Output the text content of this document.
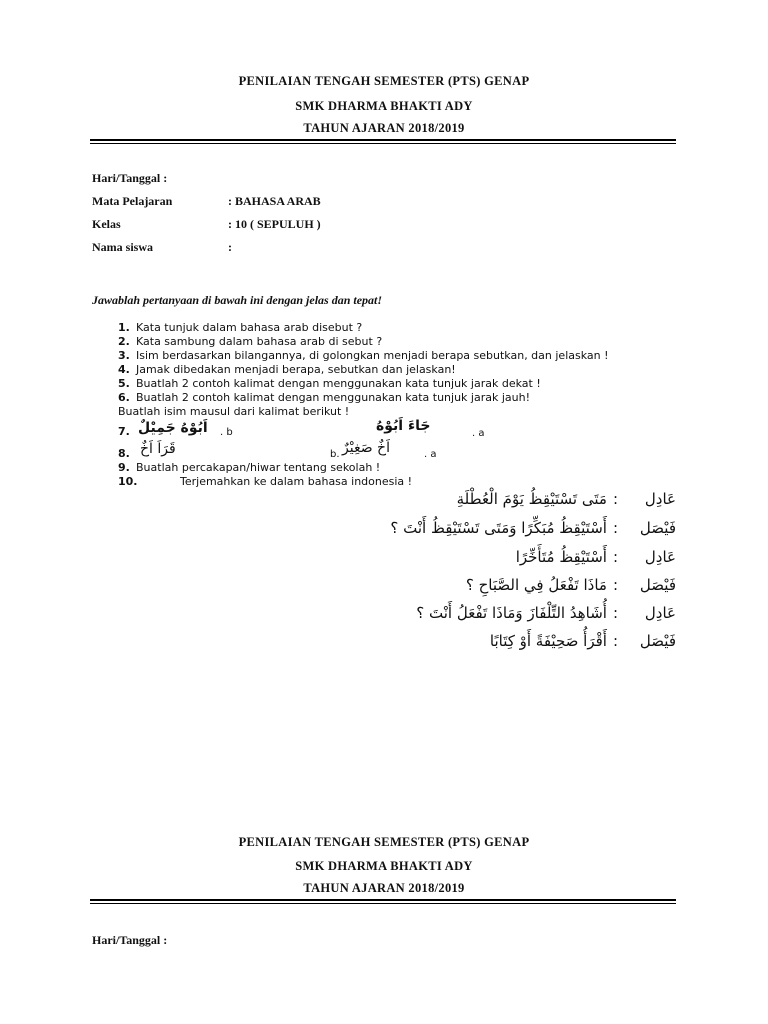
PENILAIAN TENGAH SEMESTER (PTS) GENAP
SMK DHARMA BHAKTI ADY
TAHUN AJARAN 2018/2019
Hari/Tanggal :
Mata Pelajaran	: BAHASA ARAB
Kelas	: 10 ( SEPULUH )
Nama siswa	:
Jawablah pertanyaan di bawah ini dengan jelas dan tepat!
1. Kata tunjuk dalam bahasa arab disebut ?
2. Kata sambung dalam bahasa arab di sebut ?
3. Isim berdasarkan bilangannya, di golongkan menjadi berapa sebutkan, dan jelaskan !
4. Jamak dibedakan menjadi berapa, sebutkan dan jelaskan!
5. Buatlah 2 contoh kalimat dengan menggunakan kata tunjuk jarak dekat !
6. Buatlah 2 contoh kalimat dengan menggunakan kata tunjuk jarak jauh!
Buatlah isim mausul dari kalimat berikut !
7. اَبُوْهُ جَمِيْلٌ . b	جَاءَ اَبُوْهُ	. a
8. قَرَاَ اَخٌ	b. اَخٌ صَغِيْرٌ	. a
9. Buatlah percakapan/hiwar tentang sekolah !
10.	Terjemahkan ke dalam bahasa indonesia !
عَادِل:مَتَى تَسْتَيْقِظُ يَوْمَ الْعُطْلَةِ
فَيْصَل:أَسْتَيْقِظُ مُبَكِّرًا وَمَتَى تَسْتَيْقِظُ أَنْتَ ؟
عَادِل:أَسْتَيْقِظُ مُتَأَخِّرًا
فَيْصَل:مَاذَا تَفْعَلُ فِي الصَّبَاحِ ؟
عَادِل:أُشَاهِدُ التِّلْفَازَ وَمَاذَا تَفْعَلُ أَنْتَ ؟
فَيْصَل:أَقْرَأُ صَحِيْفَةً أَوْ كِتَابًا
PENILAIAN TENGAH SEMESTER (PTS) GENAP
SMK DHARMA BHAKTI ADY
TAHUN AJARAN 2018/2019
Hari/Tanggal :
